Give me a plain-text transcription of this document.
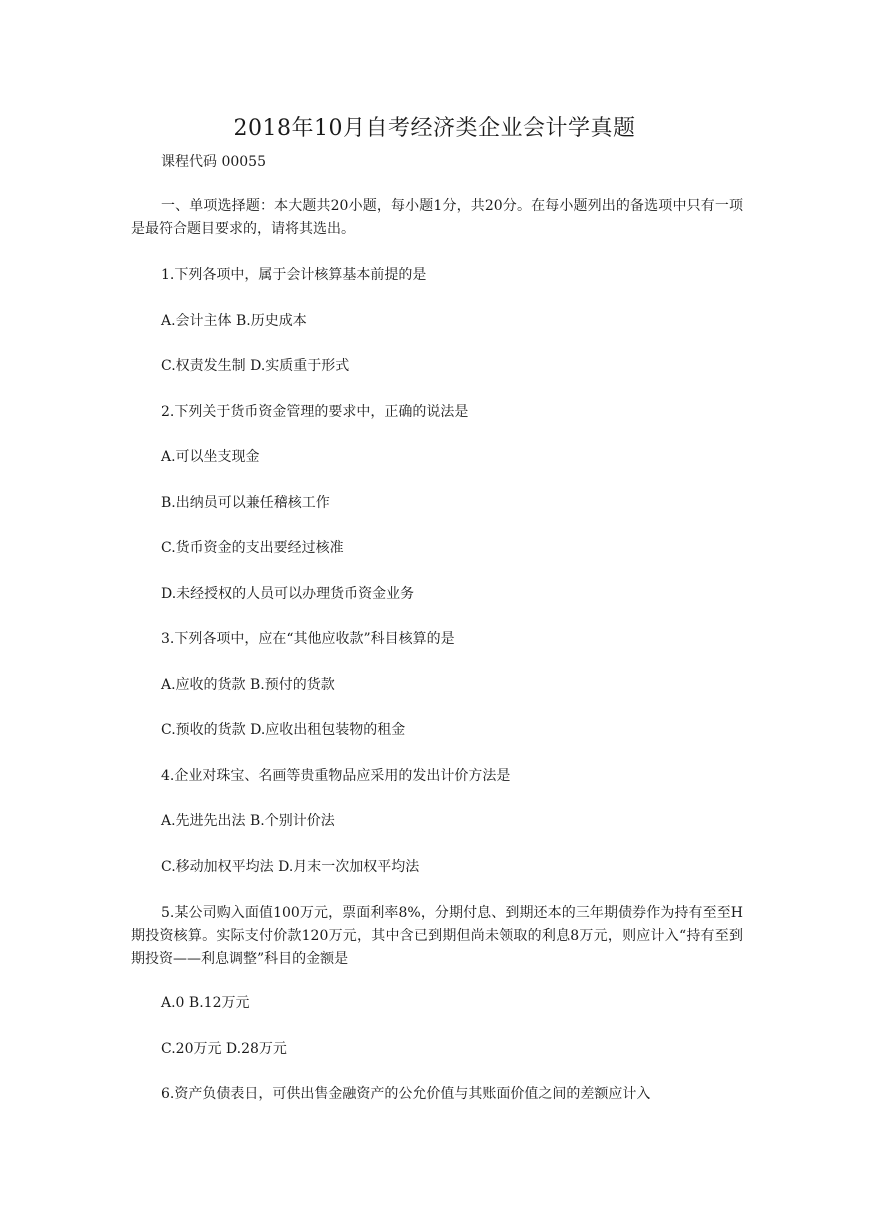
2018年10月自考经济类企业会计学真题
课程代码 00055
一、单项选择题：本大题共20小题，每小题1分，共20分。在每小题列出的备选项中只有一项是最符合题目要求的，请将其选出。
1.下列各项中，属于会计核算基本前提的是
A.会计主体 B.历史成本
C.权责发生制 D.实质重于形式
2.下列关于货币资金管理的要求中，正确的说法是
A.可以坐支现金
B.出纳员可以兼任稽核工作
C.货币资金的支出要经过核准
D.未经授权的人员可以办理货币资金业务
3.下列各项中，应在“其他应收款”科目核算的是
A.应收的货款 B.预付的货款
C.预收的货款 D.应收出租包装物的租金
4.企业对珠宝、名画等贵重物品应采用的发出计价方法是
A.先进先出法 B.个别计价法
C.移动加权平均法 D.月末一次加权平均法
5.某公司购入面值100万元，票面利率8%，分期付息、到期还本的三年期债券作为持有至至H期投资核算。实际支付价款120万元，其中含已到期但尚未领取的利息8万元，则应计入“持有至到期投资——利息调整”科目的金额是
A.0 B.12万元
C.20万元 D.28万元
6.资产负债表日，可供出售金融资产的公允价值与其账面价值之间的差额应计入
